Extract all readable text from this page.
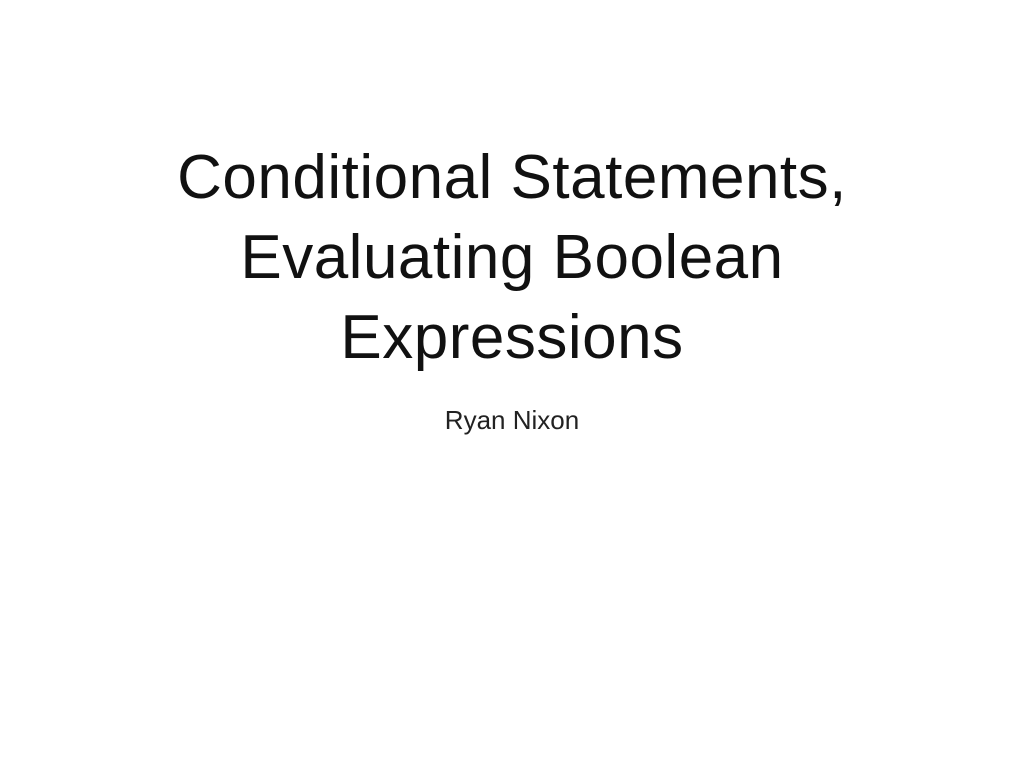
Conditional Statements,
Evaluating Boolean
Expressions
Ryan Nixon
